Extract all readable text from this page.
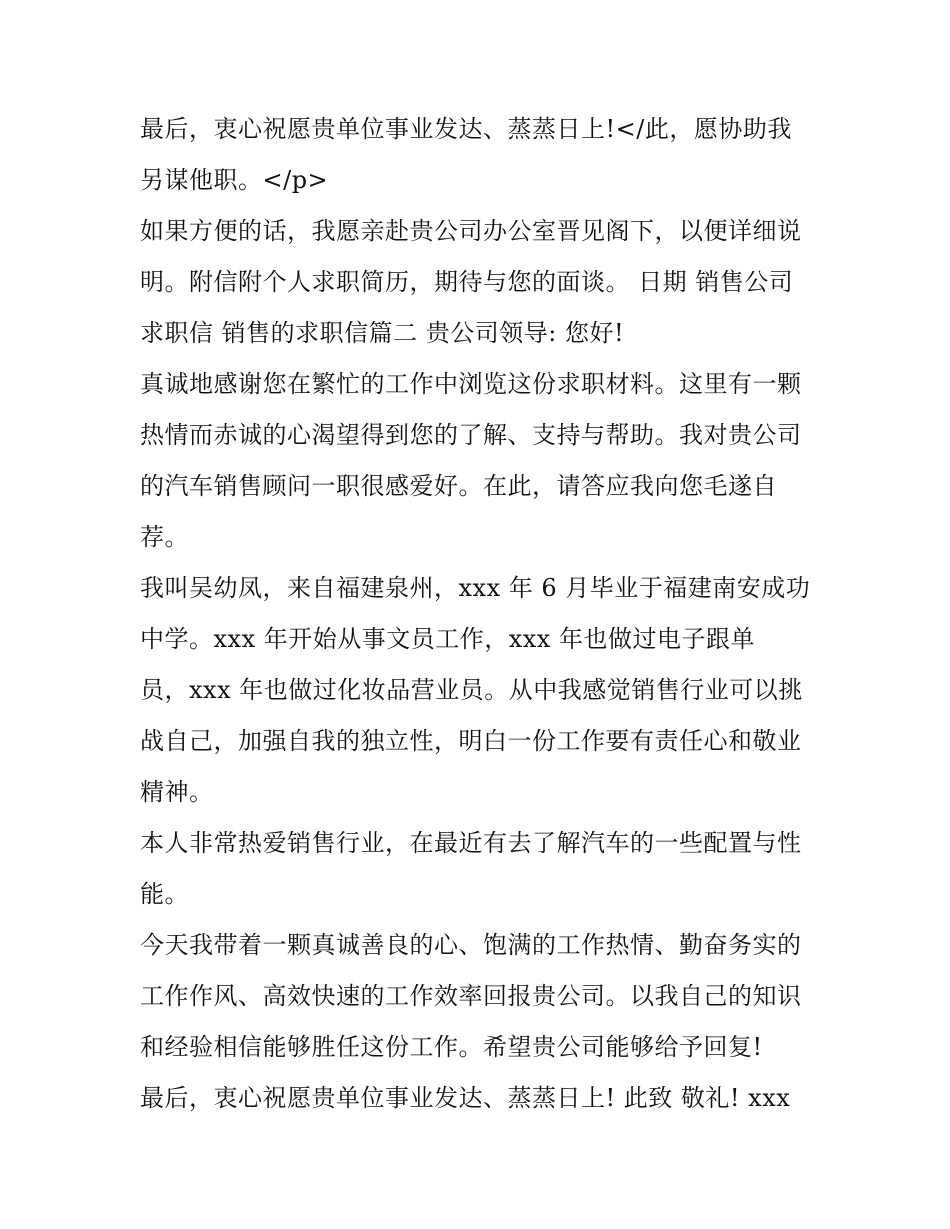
最后，衷心祝愿贵单位事业发达、蒸蒸日上!</此，愿协助我
另谋他职。</p>
如果方便的话，我愿亲赴贵公司办公室晋见阁下，以便详细说
明。附信附个人求职简历，期待与您的面谈。 日期 销售公司
求职信 销售的求职信篇二 贵公司领导: 您好!
真诚地感谢您在繁忙的工作中浏览这份求职材料。这里有一颗
热情而赤诚的心渴望得到您的了解、支持与帮助。我对贵公司
的汽车销售顾问一职很感爱好。在此，请答应我向您毛遂自
荐。
我叫吴幼凤，来自福建泉州，xxx 年 6 月毕业于福建南安成功
中学。xxx 年开始从事文员工作，xxx 年也做过电子跟单
员，xxx 年也做过化妆品营业员。从中我感觉销售行业可以挑
战自己，加强自我的独立性，明白一份工作要有责任心和敬业
精神。
本人非常热爱销售行业，在最近有去了解汽车的一些配置与性
能。
今天我带着一颗真诚善良的心、饱满的工作热情、勤奋务实的
工作作风、高效快速的工作效率回报贵公司。以我自己的知识
和经验相信能够胜任这份工作。希望贵公司能够给予回复!
最后，衷心祝愿贵单位事业发达、蒸蒸日上! 此致 敬礼! xxx
